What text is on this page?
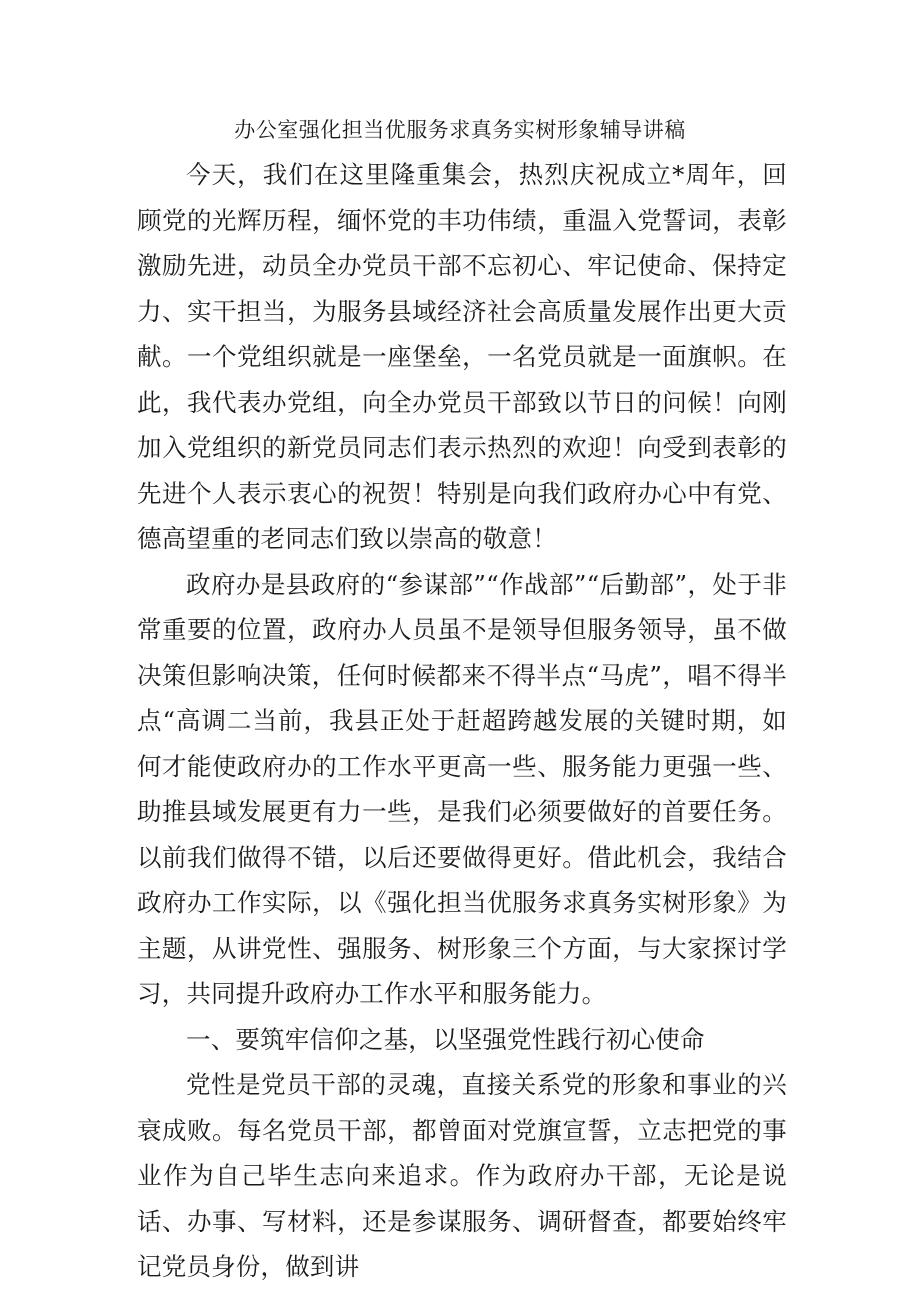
办公室强化担当优服务求真务实树形象辅导讲稿

今天，我们在这里隆重集会，热烈庆祝成立*周年，回顾党的光辉历程，缅怀党的丰功伟绩，重温入党誓词，表彰激励先进，动员全办党员干部不忘初心、牢记使命、保持定力、实干担当，为服务县域经济社会高质量发展作出更大贡献。一个党组织就是一座堡垒，一名党员就是一面旗帜。在此，我代表办党组，向全办党员干部致以节日的问候！向刚加入党组织的新党员同志们表示热烈的欢迎！向受到表彰的先进个人表示衷心的祝贺！特别是向我们政府办心中有党、德高望重的老同志们致以崇高的敬意！

政府办是县政府的“参谋部”“作战部”“后勤部”，处于非常重要的位置，政府办人员虽不是领导但服务领导，虽不做决策但影响决策，任何时候都来不得半点“马虎”，唱不得半点“高调二当前，我县正处于赶超跨越发展的关键时期，如何才能使政府办的工作水平更高一些、服务能力更强一些、助推县域发展更有力一些，是我们必须要做好的首要任务。以前我们做得不错，以后还要做得更好。借此机会，我结合政府办工作实际，以《强化担当优服务求真务实树形象》为主题，从讲党性、强服务、树形象三个方面，与大家探讨学习，共同提升政府办工作水平和服务能力。

一、要筑牢信仰之基，以坚强党性践行初心使命

党性是党员干部的灵魂，直接关系党的形象和事业的兴衰成败。每名党员干部，都曾面对党旗宣誓，立志把党的事业作为自己毕生志向来追求。作为政府办干部，无论是说话、办事、写材料，还是参谋服务、调研督查，都要始终牢记党员身份，做到讲
